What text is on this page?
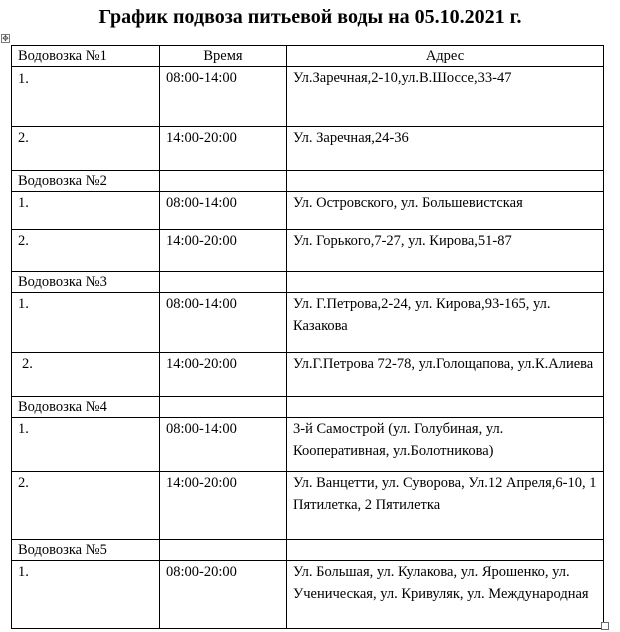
График подвоза питьевой воды на 05.10.2021 г.
✥
Водовозка №1	Время	Адрес
1.	08:00-14:00	Ул.Заречная,2-10,ул.В.Шоссе,33-47
2.	14:00-20:00	Ул. Заречная,24-36
Водовозка №2		
1.	08:00-14:00	Ул. Островского, ул. Большевистская
2.	14:00-20:00	Ул. Горького,7-27, ул. Кирова,51-87
Водовозка №3		
1.	08:00-14:00	Ул. Г.Петрова,2-24, ул. Кирова,93-165, ул. Казакова
2.	14:00-20:00	Ул.Г.Петрова 72-78, ул.Голощапова, ул.К.Алиева
Водовозка №4		
1.	08:00-14:00	3-й Самострой (ул. Голубиная, ул. Кооперативная, ул.Болотникова)
2.	14:00-20:00	Ул. Ванцетти, ул. Суворова, Ул.12 Апреля,6-10, 1 Пятилетка, 2 Пятилетка
Водовозка №5		
1.	08:00-20:00	Ул. Большая, ул. Кулакова, ул. Ярошенко, ул. Ученическая, ул. Кривуляк, ул. Международная
